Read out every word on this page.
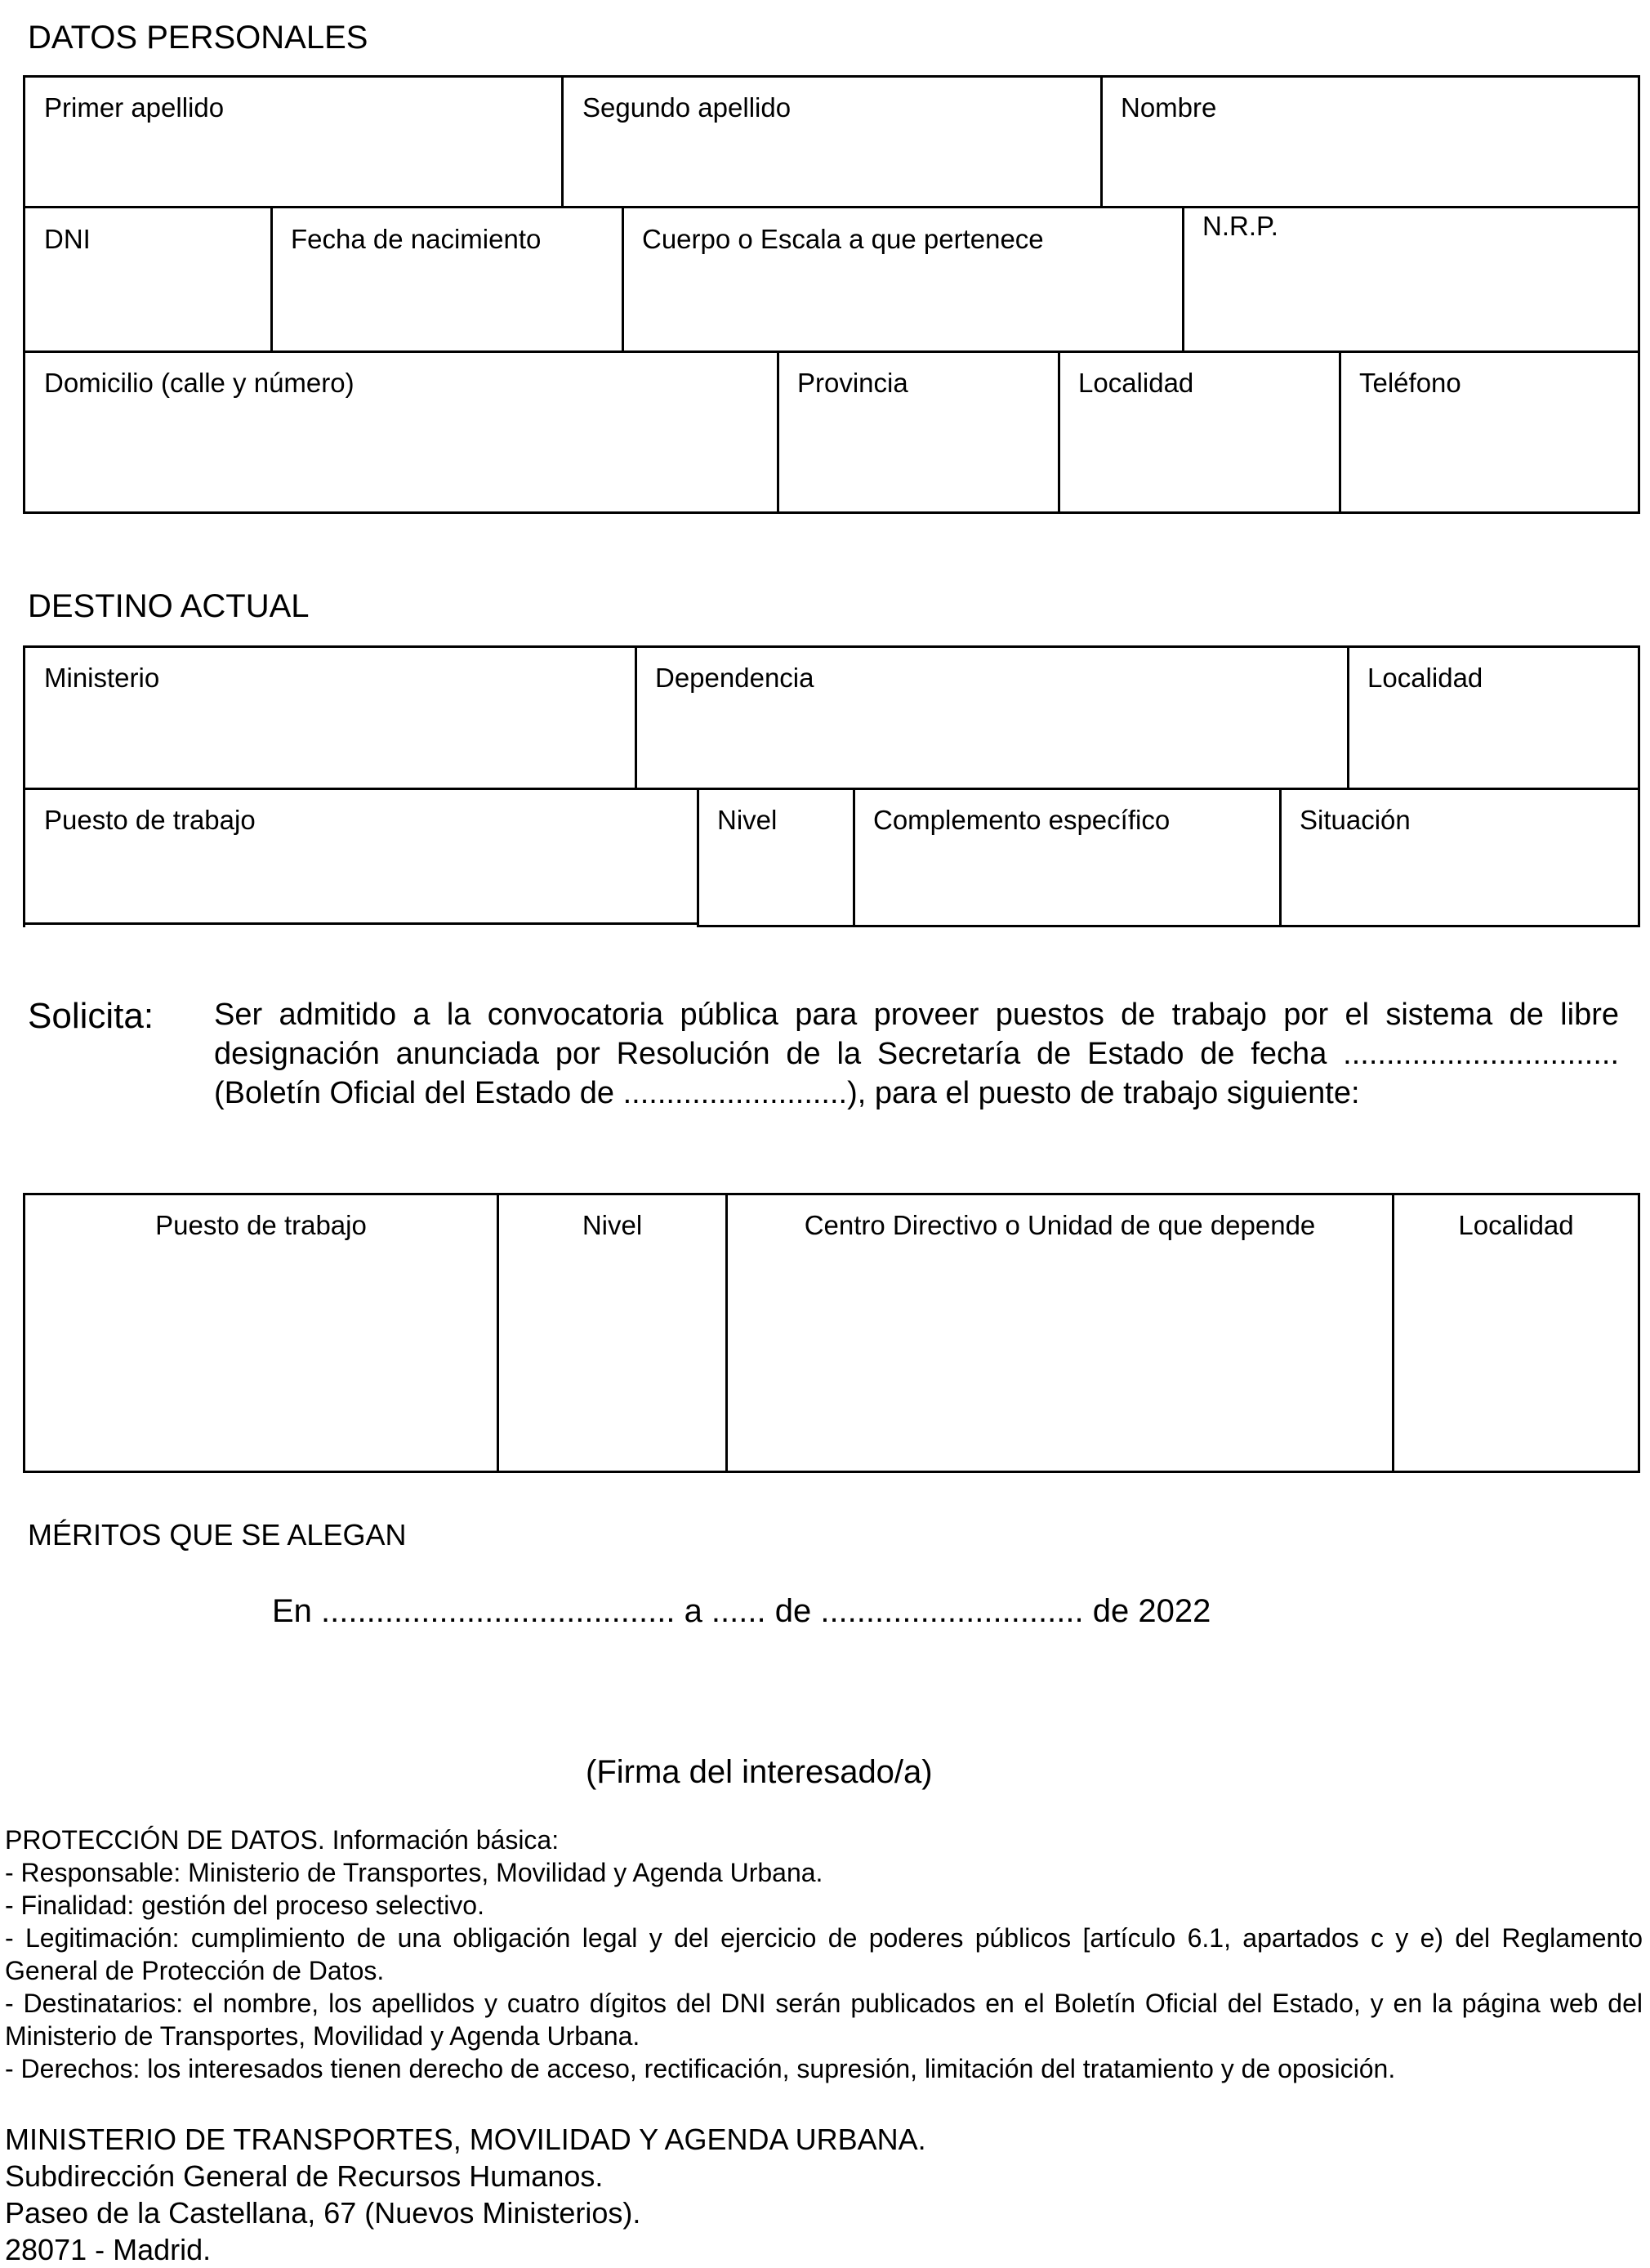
DATOS PERSONALES
Primer apellido	Segundo apellido	Nombre
DNI	Fecha de nacimiento	Cuerpo o Escala a que pertenece	N.R.P.
Domicilio (calle y número)	Provincia	Localidad	Teléfono
DESTINO ACTUAL
Ministerio	Dependencia	Localidad
Puesto de trabajo	Nivel	Complemento específico	Situación
Solicita: Ser admitido a la convocatoria pública para proveer puestos de trabajo por el sistema de libre designación anunciada por Resolución de la Secretaría de Estado de fecha ................................ (Boletín Oficial del Estado de ..........................), para el puesto de trabajo siguiente:
Puesto de trabajo	Nivel	Centro Directivo o Unidad de que depende	Localidad
MÉRITOS QUE SE ALEGAN
En ....................................... a ...... de ............................. de 2022
(Firma del interesado/a)
PROTECCIÓN DE DATOS. Información básica:
- Responsable: Ministerio de Transportes, Movilidad y Agenda Urbana.
- Finalidad: gestión del proceso selectivo.
- Legitimación: cumplimiento de una obligación legal y del ejercicio de poderes públicos [artículo 6.1, apartados c y e) del Reglamento General de Protección de Datos.
- Destinatarios: el nombre, los apellidos y cuatro dígitos del DNI serán publicados en el Boletín Oficial del Estado, y en la página web del Ministerio de Transportes, Movilidad y Agenda Urbana.
- Derechos: los interesados tienen derecho de acceso, rectificación, supresión, limitación del tratamiento y de oposición.
MINISTERIO DE TRANSPORTES, MOVILIDAD Y AGENDA URBANA.
Subdirección General de Recursos Humanos.
Paseo de la Castellana, 67 (Nuevos Ministerios).
28071 - Madrid.
